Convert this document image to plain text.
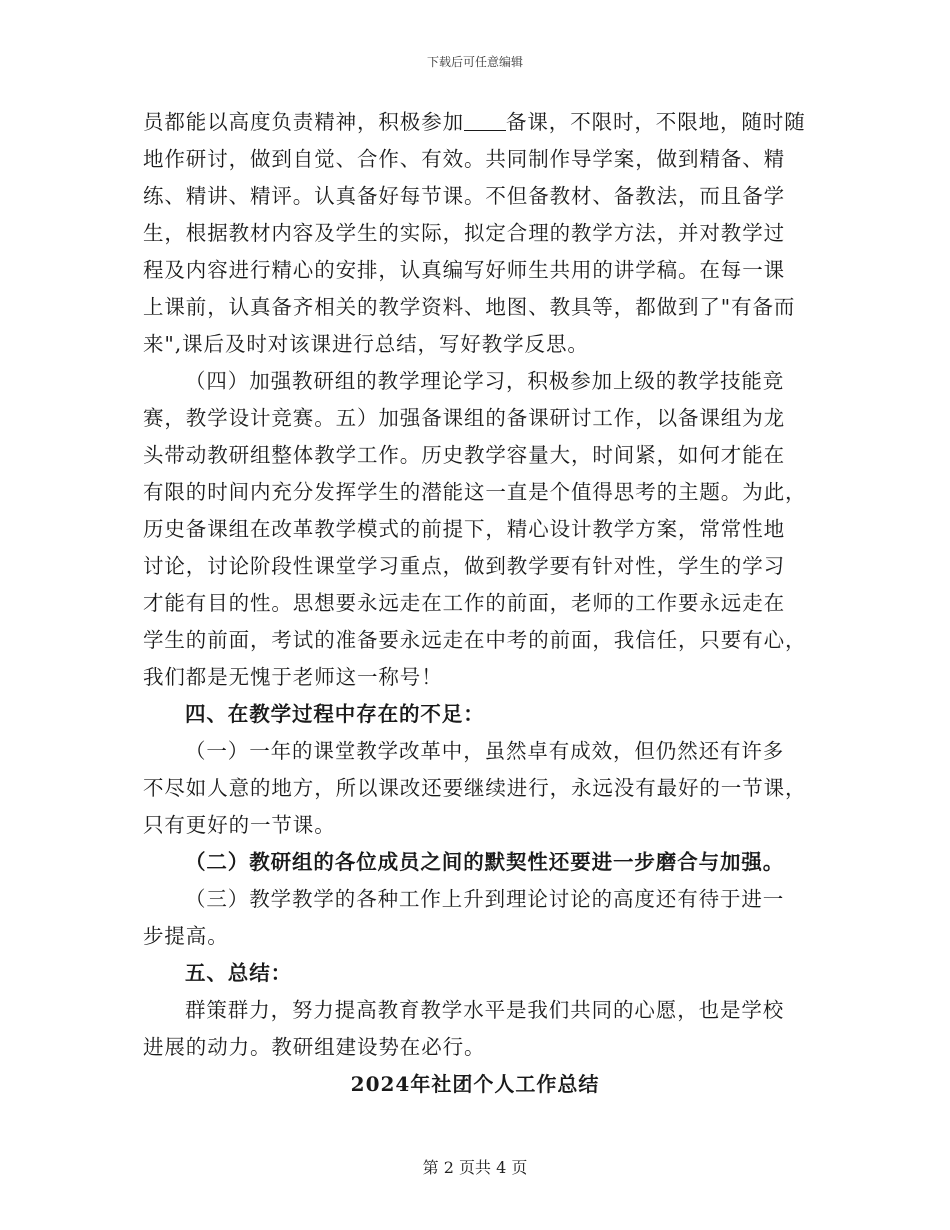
下载后可任意编辑
员都能以高度负责精神，积极参加 备课，不限时，不限地，随时随
地作研讨，做到自觉、合作、有效。共同制作导学案，做到精备、精
练、精讲、精评。认真备好每节课。不但备教材、备教法，而且备学
生，根据教材内容及学生的实际，拟定合理的教学方法，并对教学过
程及内容进行精心的安排，认真编写好师生共用的讲学稿。在每一课
上课前，认真备齐相关的教学资料、地图、教具等，都做到了"有备而
来",课后及时对该课进行总结，写好教学反思。
（四）加强教研组的教学理论学习，积极参加上级的教学技能竞
赛，教学设计竞赛。五）加强备课组的备课研讨工作，以备课组为龙
头带动教研组整体教学工作。历史教学容量大，时间紧，如何才能在
有限的时间内充分发挥学生的潜能这一直是个值得思考的主题。为此，
历史备课组在改革教学模式的前提下，精心设计教学方案，常常性地
讨论，讨论阶段性课堂学习重点，做到教学要有针对性，学生的学习
才能有目的性。思想要永远走在工作的前面，老师的工作要永远走在
学生的前面，考试的准备要永远走在中考的前面，我信任，只要有心，
我们都是无愧于老师这一称号！
四、在教学过程中存在的不足：
（一）一年的课堂教学改革中，虽然卓有成效，但仍然还有许多
不尽如人意的地方，所以课改还要继续进行，永远没有最好的一节课，
只有更好的一节课。
（二）教研组的各位成员之间的默契性还要进一步磨合与加强。
（三）教学教学的各种工作上升到理论讨论的高度还有待于进一
步提高。
五、总结：
群策群力，努力提高教育教学水平是我们共同的心愿，也是学校
进展的动力。教研组建设势在必行。
2024年社团个人工作总结
第 2 页共 4 页
